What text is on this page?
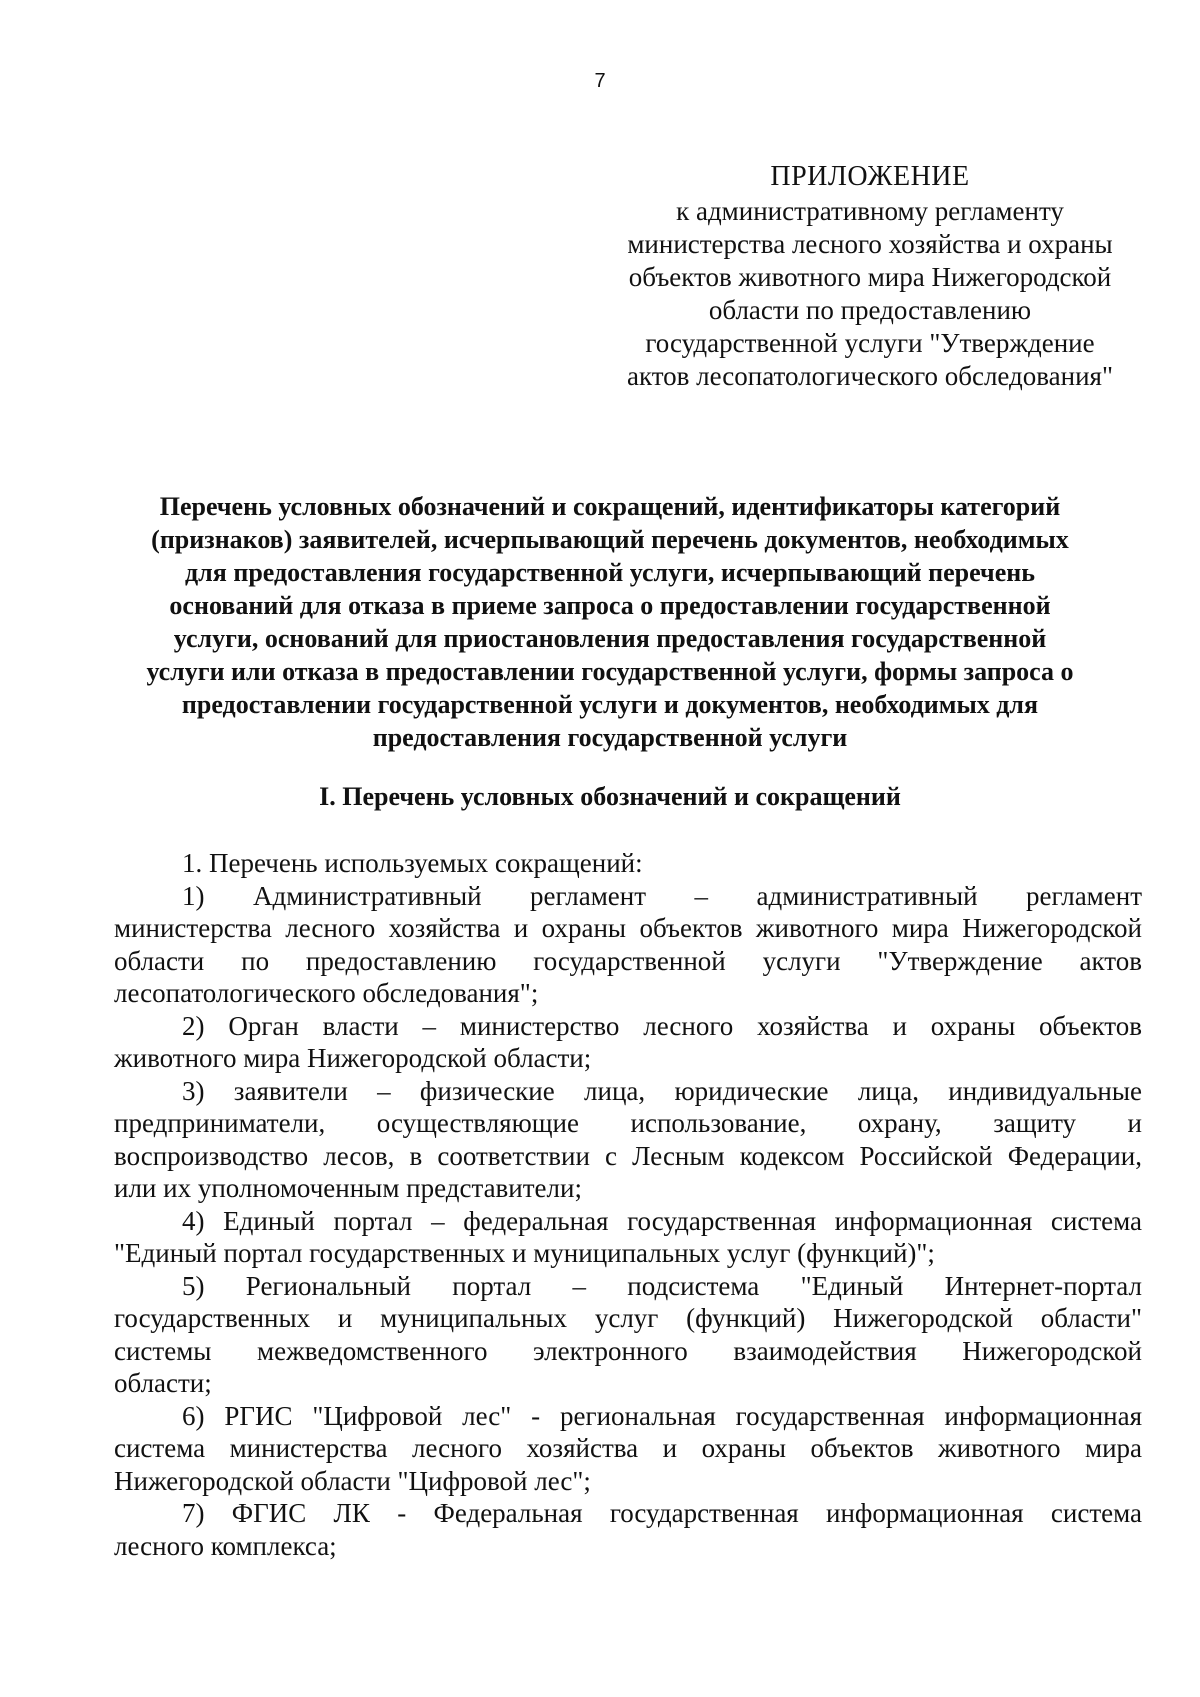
7
ПРИЛОЖЕНИЕ
к административному регламенту
министерства лесного хозяйства и охраны
объектов животного мира Нижегородской
области по предоставлению
государственной услуги "Утверждение
актов лесопатологического обследования"
Перечень условных обозначений и сокращений, идентификаторы категорий
(признаков) заявителей, исчерпывающий перечень документов, необходимых
для предоставления государственной услуги, исчерпывающий перечень
оснований для отказа в приеме запроса о предоставлении государственной
услуги, оснований для приостановления предоставления государственной
услуги или отказа в предоставлении государственной услуги, формы запроса о
предоставлении государственной услуги и документов, необходимых для
предоставления государственной услуги
I. Перечень условных обозначений и сокращений
1. Перечень используемых сокращений:
1) Административный регламент – административный регламент
министерства лесного хозяйства и охраны объектов животного мира Нижегородской
области по предоставлению государственной услуги "Утверждение актов
лесопатологического обследования";
2) Орган власти – министерство лесного хозяйства и охраны объектов
животного мира Нижегородской области;
3) заявители – физические лица, юридические лица, индивидуальные
предприниматели, осуществляющие использование, охрану, защиту и
воспроизводство лесов, в соответствии с Лесным кодексом Российской Федерации,
или их уполномоченным представители;
4) Единый портал – федеральная государственная информационная система
"Единый портал государственных и муниципальных услуг (функций)";
5) Региональный портал – подсистема "Единый Интернет-портал
государственных и муниципальных услуг (функций) Нижегородской области"
системы межведомственного электронного взаимодействия Нижегородской
области;
6) РГИС "Цифровой лес" - региональная государственная информационная
система министерства лесного хозяйства и охраны объектов животного мира
Нижегородской области "Цифровой лес";
7) ФГИС ЛК - Федеральная государственная информационная система
лесного комплекса;
